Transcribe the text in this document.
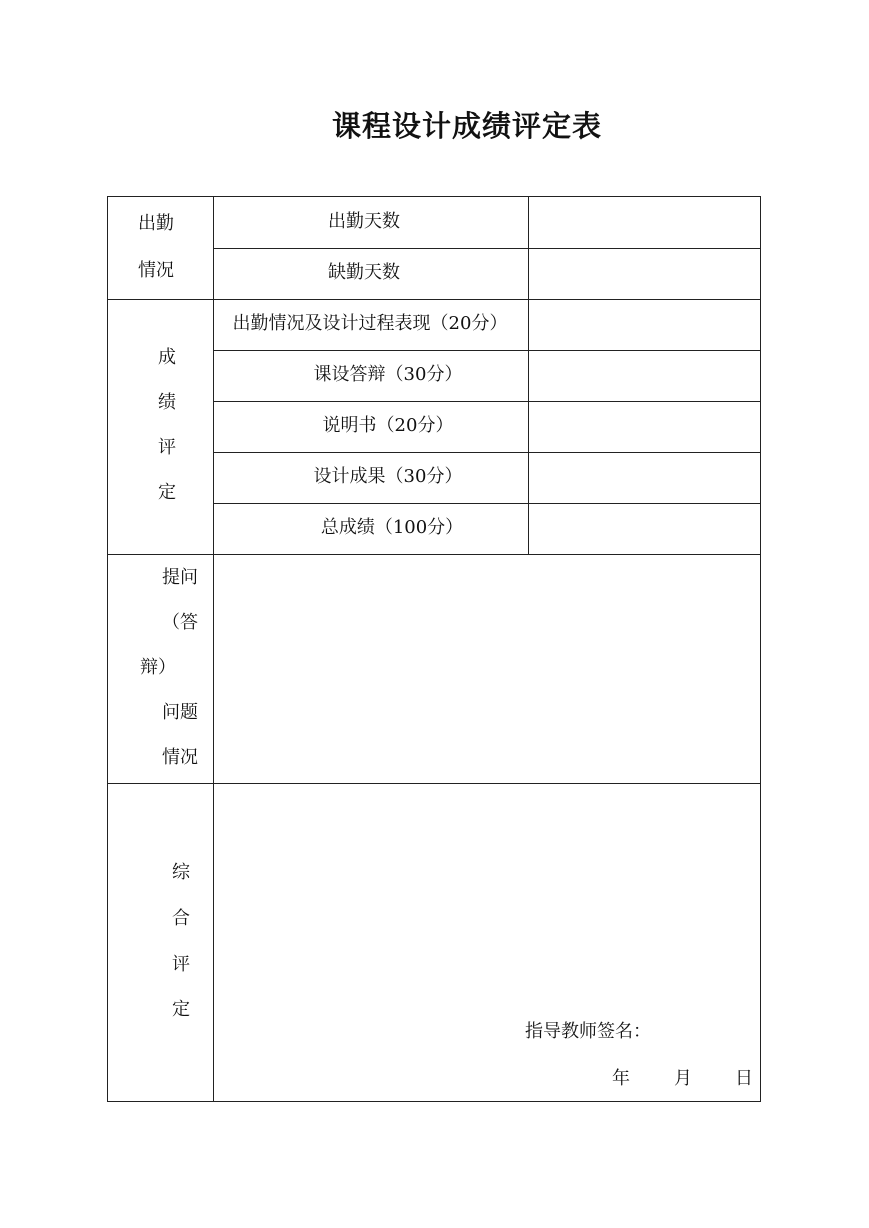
课程设计成绩评定表
出勤
情况
出勤天数
缺勤天数
成
绩
评
定
出勤情况及设计过程表现（20分）
课设答辩（30分）
说明书（20分）
设计成果（30分）
总成绩（100分）
提问
（答
辩）
问题
情况
综
合
评
定
指导教师签名：
年 月 日
